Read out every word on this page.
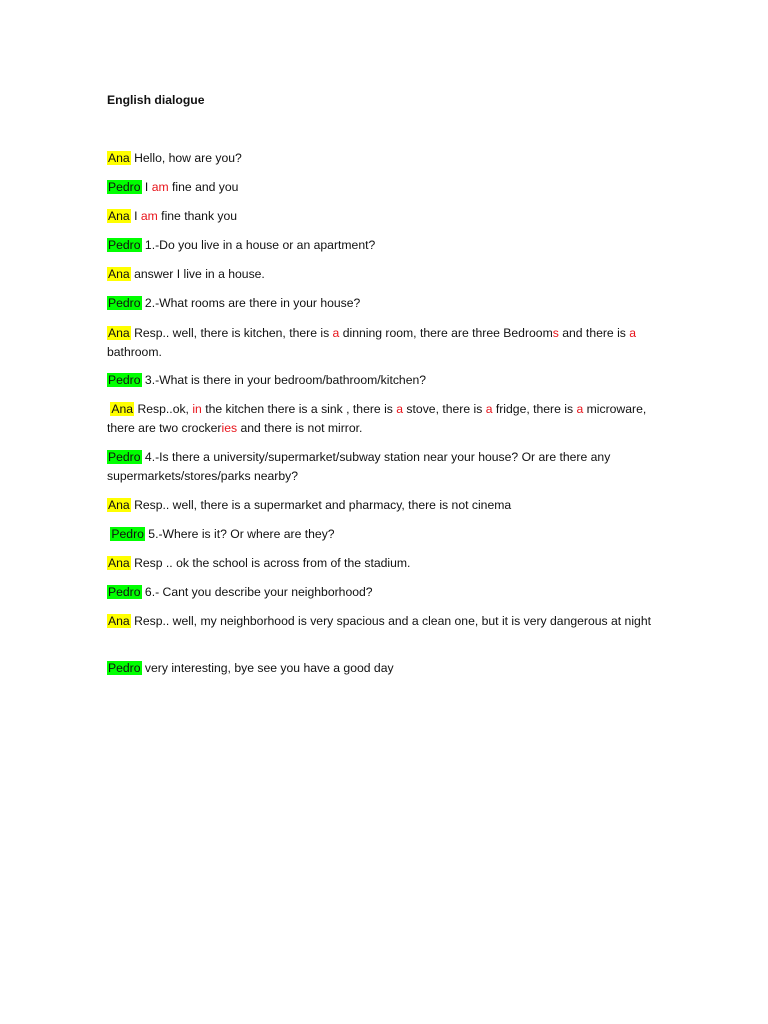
English dialogue
Ana Hello, how are you?
Pedro I am fine and you
Ana I am fine thank you
Pedro 1.-Do you live in a house or an apartment?
Ana answer I live in a house.
Pedro 2.-What rooms are there in your house?
Ana Resp.. well, there is kitchen, there is a dinning room, there are three Bedrooms and there is a bathroom.
Pedro 3.-What is there in your bedroom/bathroom/kitchen?
Ana Resp..ok, in the kitchen there is a sink , there is a stove, there is a fridge, there is a microware, there are two crockeries and there is not mirror.
Pedro 4.-Is there a university/supermarket/subway station near your house? Or are there any supermarkets/stores/parks nearby?
Ana Resp.. well, there is a supermarket and pharmacy, there is not cinema
Pedro 5.-Where is it? Or where are they?
Ana Resp .. ok the school is across from of the stadium.
Pedro 6.- Cant you describe your neighborhood?
Ana Resp.. well, my neighborhood is very spacious and a clean one, but it is very dangerous at night
Pedro very interesting, bye see you have a good day
